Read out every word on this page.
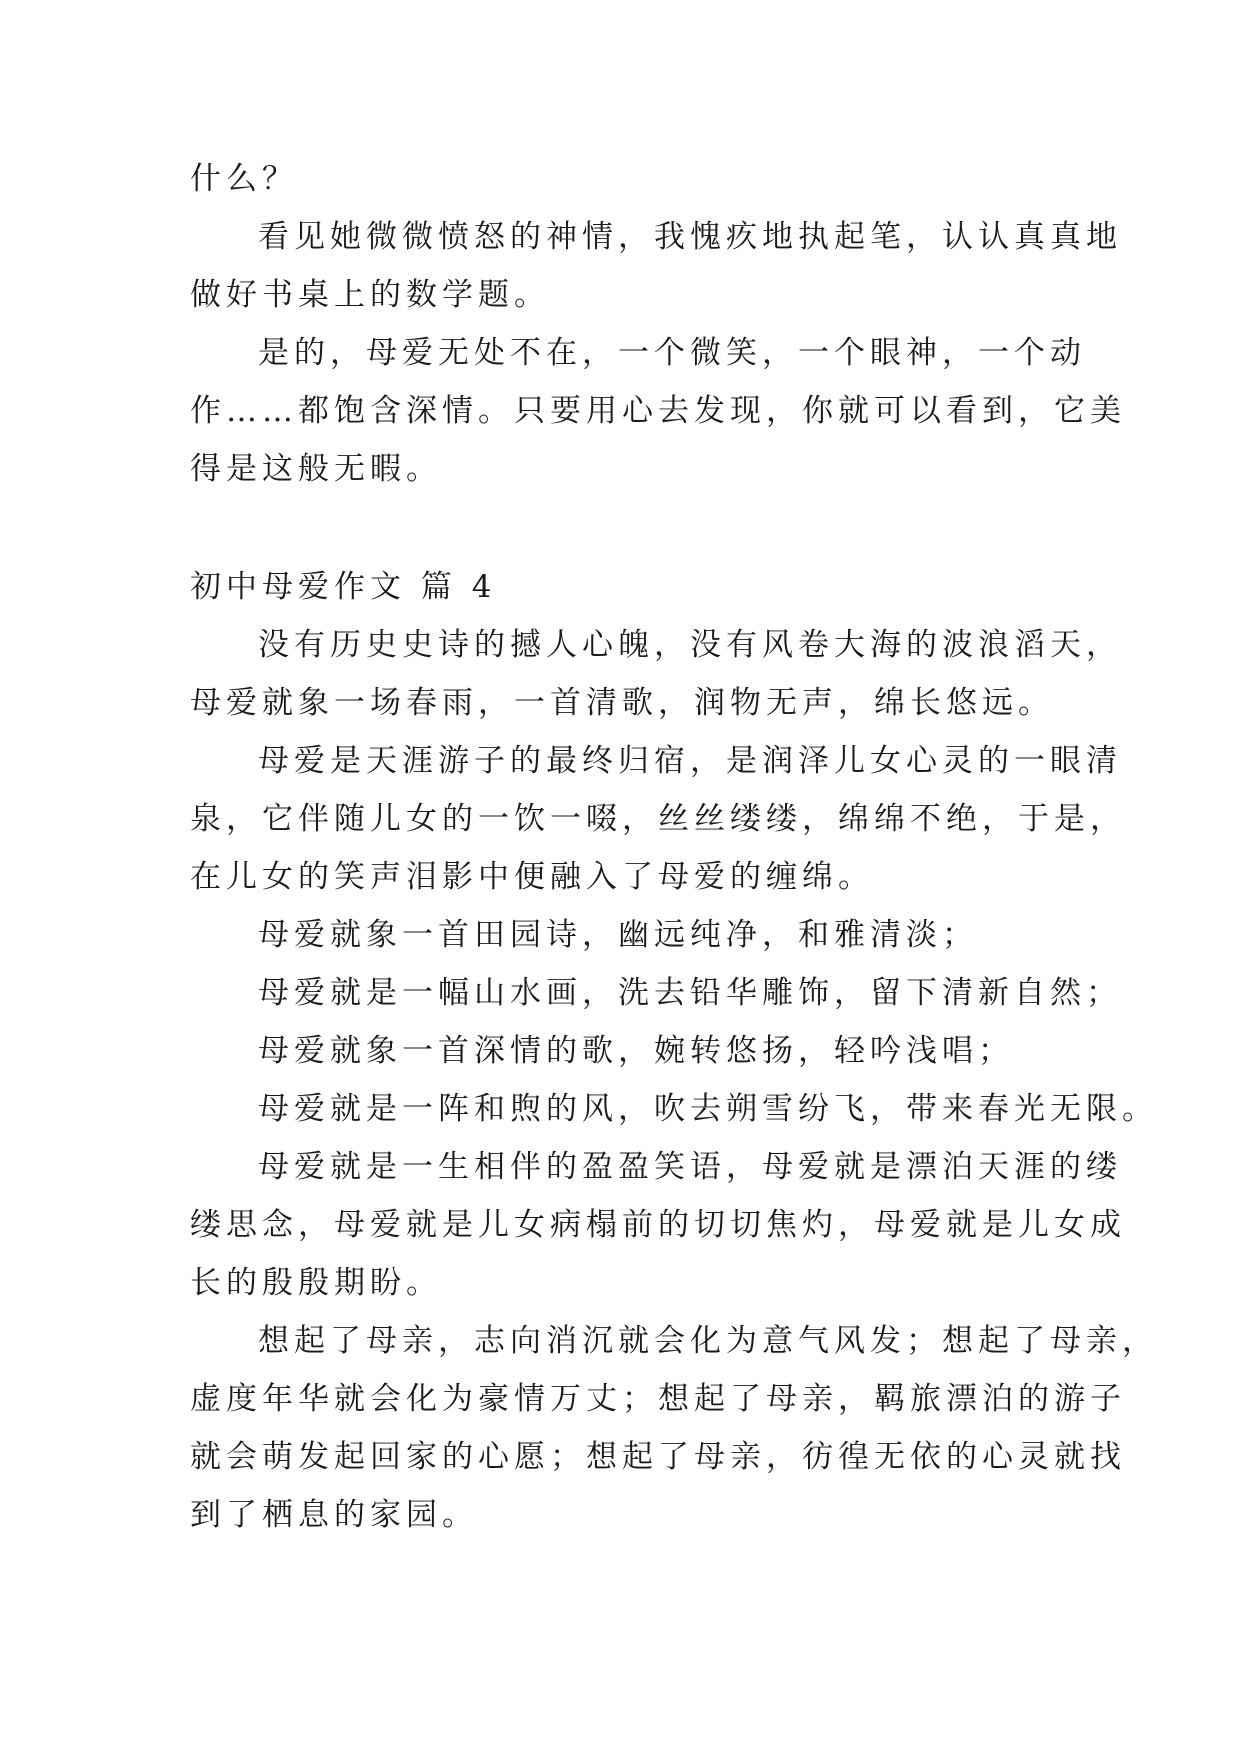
什么？
看见她微微愤怒的神情，我愧疚地执起笔，认认真真地
做好书桌上的数学题。
是的，母爱无处不在，一个微笑，一个眼神，一个动
作……都饱含深情。只要用心去发现，你就可以看到，它美
得是这般无暇。
初中母爱作文 篇 4
没有历史史诗的撼人心魄，没有风卷大海的波浪滔天，
母爱就象一场春雨，一首清歌，润物无声，绵长悠远。
母爱是天涯游子的最终归宿，是润泽儿女心灵的一眼清
泉，它伴随儿女的一饮一啜，丝丝缕缕，绵绵不绝，于是，
在儿女的笑声泪影中便融入了母爱的缠绵。
母爱就象一首田园诗，幽远纯净，和雅清淡；
母爱就是一幅山水画，洗去铅华雕饰，留下清新自然；
母爱就象一首深情的歌，婉转悠扬，轻吟浅唱；
母爱就是一阵和煦的风，吹去朔雪纷飞，带来春光无限。
母爱就是一生相伴的盈盈笑语，母爱就是漂泊天涯的缕
缕思念，母爱就是儿女病榻前的切切焦灼，母爱就是儿女成
长的殷殷期盼。
想起了母亲，志向消沉就会化为意气风发；想起了母亲，
虚度年华就会化为豪情万丈；想起了母亲，羁旅漂泊的游子
就会萌发起回家的心愿；想起了母亲，彷徨无依的心灵就找
到了栖息的家园。
